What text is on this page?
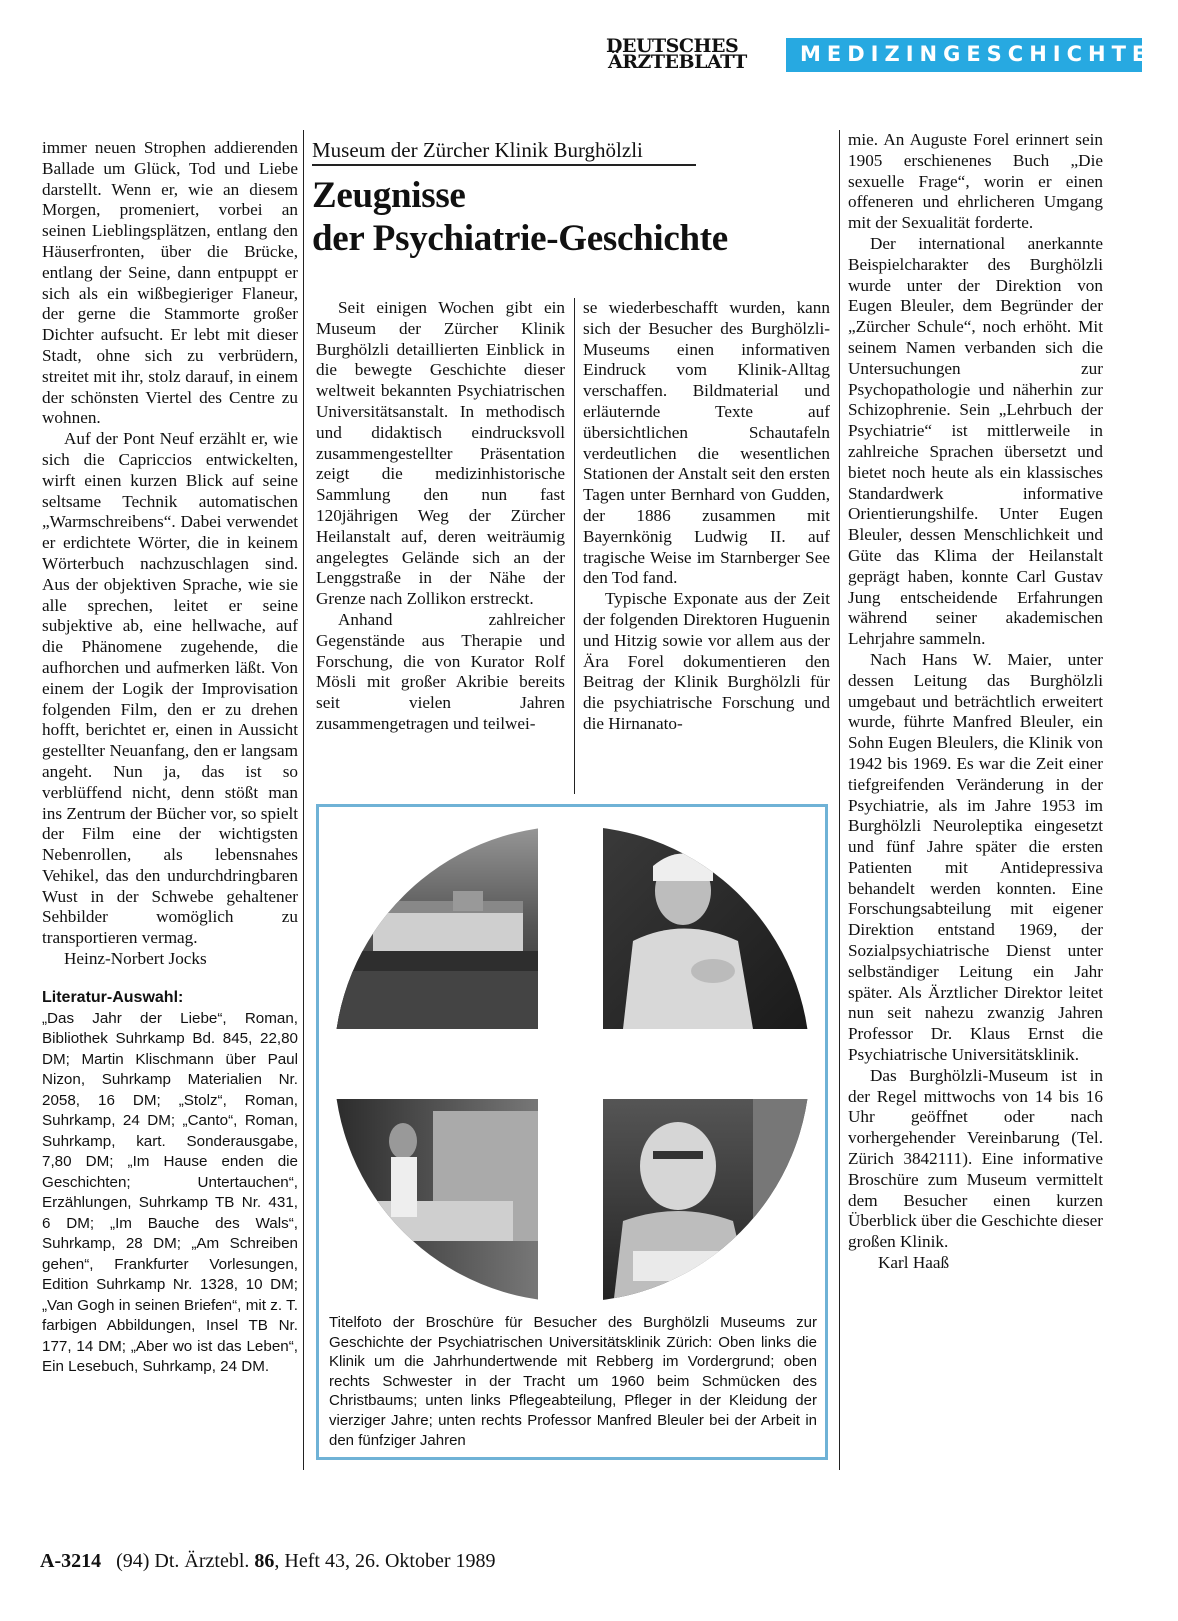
DEUTSCHES
ÄRZTEBLATT	MEDIZINGESCHICHTE

immer neuen Strophen addierenden Ballade um Glück, Tod und Liebe darstellt. Wenn er, wie an diesem Morgen, promeniert, vorbei an seinen Lieblingsplätzen, entlang den Häuserfronten, über die Brücke, entlang der Seine, dann entpuppt er sich als ein wißbegieriger Flaneur, der gerne die Stammorte großer Dichter aufsucht. Er lebt mit dieser Stadt, ohne sich zu verbrüdern, streitet mit ihr, stolz darauf, in einem der schönsten Viertel des Centre zu wohnen.

Auf der Pont Neuf erzählt er, wie sich die Capriccios entwickelten, wirft einen kurzen Blick auf seine seltsame Technik automatischen „Warmschreibens“. Dabei verwendet er erdichtete Wörter, die in keinem Wörterbuch nachzuschlagen sind. Aus der objektiven Sprache, wie sie alle sprechen, leitet er seine subjektive ab, eine hellwache, auf die Phänomene zugehende, die aufhorchen und aufmerken läßt. Von einem der Logik der Improvisation folgenden Film, den er zu drehen hofft, berichtet er, einen in Aussicht gestellter Neuanfang, den er langsam angeht. Nun ja, das ist so verblüffend nicht, denn stößt man ins Zentrum der Bücher vor, so spielt der Film eine der wichtigsten Nebenrollen, als lebensnahes Vehikel, das den undurchdringbaren Wust in der Schwebe gehaltener Sehbilder womöglich zu transportieren vermag.

Heinz-Norbert Jocks

Literatur-Auswahl:
„Das Jahr der Liebe“, Roman, Bibliothek Suhrkamp Bd. 845, 22,80 DM; Martin Klischmann über Paul Nizon, Suhrkamp Materialien Nr. 2058, 16 DM; „Stolz“, Roman, Suhrkamp, 24 DM; „Canto“, Roman, Suhrkamp, kart. Sonderausgabe, 7,80 DM; „Im Hause enden die Geschichten; Untertauchen“, Erzählungen, Suhrkamp TB Nr. 431, 6 DM; „Im Bauche des Wals“, Suhrkamp, 28 DM; „Am Schreiben gehen“, Frankfurter Vorlesungen, Edition Suhrkamp Nr. 1328, 10 DM; „Van Gogh in seinen Briefen“, mit z. T. farbigen Abbildungen, Insel TB Nr. 177, 14 DM; „Aber wo ist das Leben“, Ein Lesebuch, Suhrkamp, 24 DM.
Museum der Zürcher Klinik Burghölzli
Zeugnisse
der Psychiatrie-Geschichte

Seit einigen Wochen gibt ein Museum der Zürcher Klinik Burghölzli detaillierten Einblick in die bewegte Geschichte dieser weltweit bekannten Psychiatrischen Universitätsanstalt. In methodisch und didaktisch eindrucksvoll zusammengestellter Präsentation zeigt die medizinhistorische Sammlung den nun fast 120jährigen Weg der Zürcher Heilanstalt auf, deren weiträumig angelegtes Gelände sich an der Lenggstraße in der Nähe der Grenze nach Zollikon erstreckt.

Anhand zahlreicher Gegenstände aus Therapie und Forschung, die von Kurator Rolf Mösli mit großer Akribie bereits seit vielen Jahren zusammengetragen und teilwei-

se wiederbeschafft wurden, kann sich der Besucher des Burghölzli-Museums einen informativen Eindruck vom Klinik-Alltag verschaffen. Bildmaterial und erläuternde Texte auf übersichtlichen Schautafeln verdeutlichen die wesentlichen Stationen der Anstalt seit den ersten Tagen unter Bernhard von Gudden, der 1886 zusammen mit Bayernkönig Ludwig II. auf tragische Weise im Starnberger See den Tod fand.

Typische Exponate aus der Zeit der folgenden Direktoren Huguenin und Hitzig sowie vor allem aus der Ära Forel dokumentieren den Beitrag der Klinik Burghölzli für die psychiatrische Forschung und die Hirnanato-

mie. An Auguste Forel erinnert sein 1905 erschienenes Buch „Die sexuelle Frage“, worin er einen offeneren und ehrlicheren Umgang mit der Sexualität forderte.

Der international anerkannte Beispielcharakter des Burghölzli wurde unter der Direktion von Eugen Bleuler, dem Begründer der „Zürcher Schule“, noch erhöht. Mit seinem Namen verbanden sich die Untersuchungen zur Psychopathologie und näherhin zur Schizophrenie. Sein „Lehrbuch der Psychiatrie“ ist mittlerweile in zahlreiche Sprachen übersetzt und bietet noch heute als ein klassisches Standardwerk informative Orientierungshilfe. Unter Eugen Bleuler, dessen Menschlichkeit und Güte das Klima der Heilanstalt geprägt haben, konnte Carl Gustav Jung entscheidende Erfahrungen während seiner akademischen Lehrjahre sammeln.

Nach Hans W. Maier, unter dessen Leitung das Burghölzli umgebaut und beträchtlich erweitert wurde, führte Manfred Bleuler, ein Sohn Eugen Bleulers, die Klinik von 1942 bis 1969. Es war die Zeit einer tiefgreifenden Veränderung in der Psychiatrie, als im Jahre 1953 im Burghölzli Neuroleptika eingesetzt und fünf Jahre später die ersten Patienten mit Antidepressiva behandelt werden konnten. Eine Forschungsabteilung mit eigener Direktion entstand 1969, der Sozialpsychiatrische Dienst unter selbständiger Leitung ein Jahr später. Als Ärztlicher Direktor leitet nun seit nahezu zwanzig Jahren Professor Dr. Klaus Ernst die Psychiatrische Universitätsklinik.

Das Burghölzli-Museum ist in der Regel mittwochs von 14 bis 16 Uhr geöffnet oder nach vorhergehender Vereinbarung (Tel. Zürich 3842111). Eine informative Broschüre zum Museum vermittelt dem Besucher einen kurzen Überblick über die Geschichte dieser großen Klinik.

Karl Haaß

Titelfoto der Broschüre für Besucher des Burghölzli Museums zur Geschichte der Psychiatrischen Universitätsklinik Zürich: Oben links die Klinik um die Jahrhundertwende mit Rebberg im Vordergrund; oben rechts Schwester in der Tracht um 1960 beim Schmücken des Christbaums; unten links Pflegeabteilung, Pfleger in der Kleidung der vierziger Jahre; unten rechts Professor Manfred Bleuler bei der Arbeit in den fünfziger Jahren
A-3214 (94) Dt. Ärztebl. 86, Heft 43, 26. Oktober 1989
